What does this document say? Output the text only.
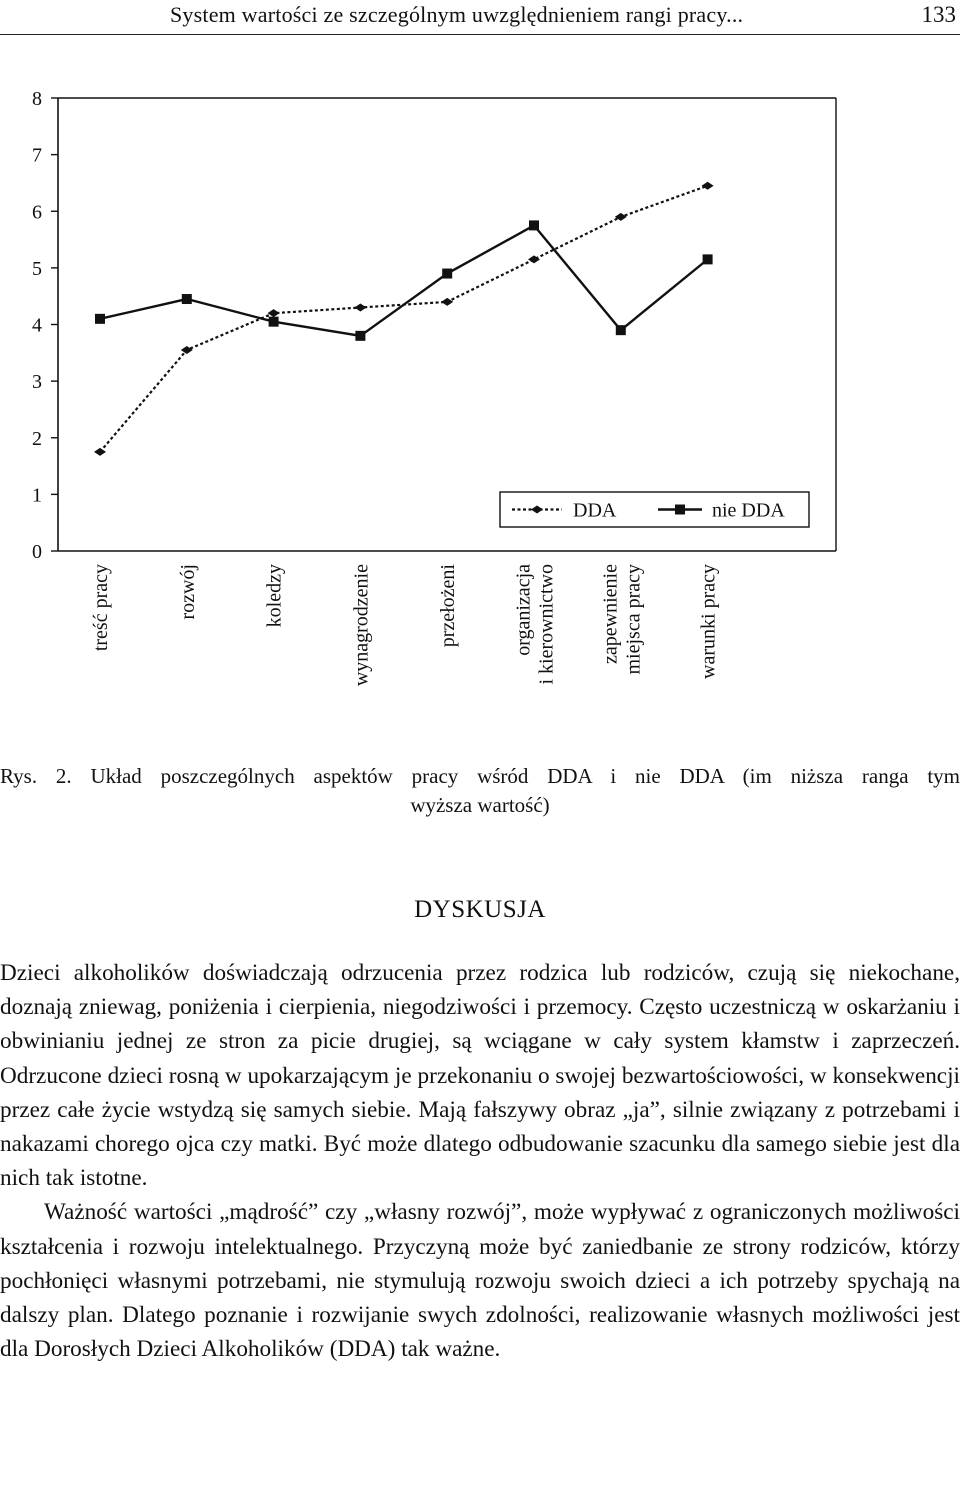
System wartości ze szczególnym uwzględnieniem rangi pracy...	133
0
1
2
3
4
5
6
7
8
treść pracy	rozwój	koledzy	wynagrodzenie	przełożeni	organizacja i kierownictwo zapewnienie miejsca pracy	warunki pracy
DDA	nie DDA
Rys. 2. Układ poszczególnych aspektów pracy wśród DDA i nie DDA (im niższa ranga tym
wyższa wartość)
DYSKUSJA

Dzieci alkoholików doświadczają odrzucenia przez rodzica lub rodziców, czują się niekochane, doznają zniewag, poniżenia i cierpienia, niegodziwości i przemocy. Często uczestniczą w oskarżaniu i obwinianiu jednej ze stron za picie drugiej, są wciągane w cały system kłamstw i zaprzeczeń. Odrzucone dzieci rosną w upokarzającym je przekonaniu o swojej bezwartościowości, w konsekwencji przez całe życie wstydzą się samych siebie. Mają fałszywy obraz „ja”, silnie związany z potrzebami i nakazami chorego ojca czy matki. Być może dlatego odbudowanie szacunku dla samego siebie jest dla nich tak istotne.

Ważność wartości „mądrość” czy „własny rozwój”, może wypływać z ograniczonych możliwości kształcenia i rozwoju intelektualnego. Przyczyną może być zaniedbanie ze strony rodziców, którzy pochłonięci własnymi potrzebami, nie stymulują rozwoju swoich dzieci a ich potrzeby spychają na dalszy plan. Dlatego poznanie i rozwijanie swych zdolności, realizowanie własnych możliwości jest dla Dorosłych Dzieci Alkoholików (DDA) tak ważne.
